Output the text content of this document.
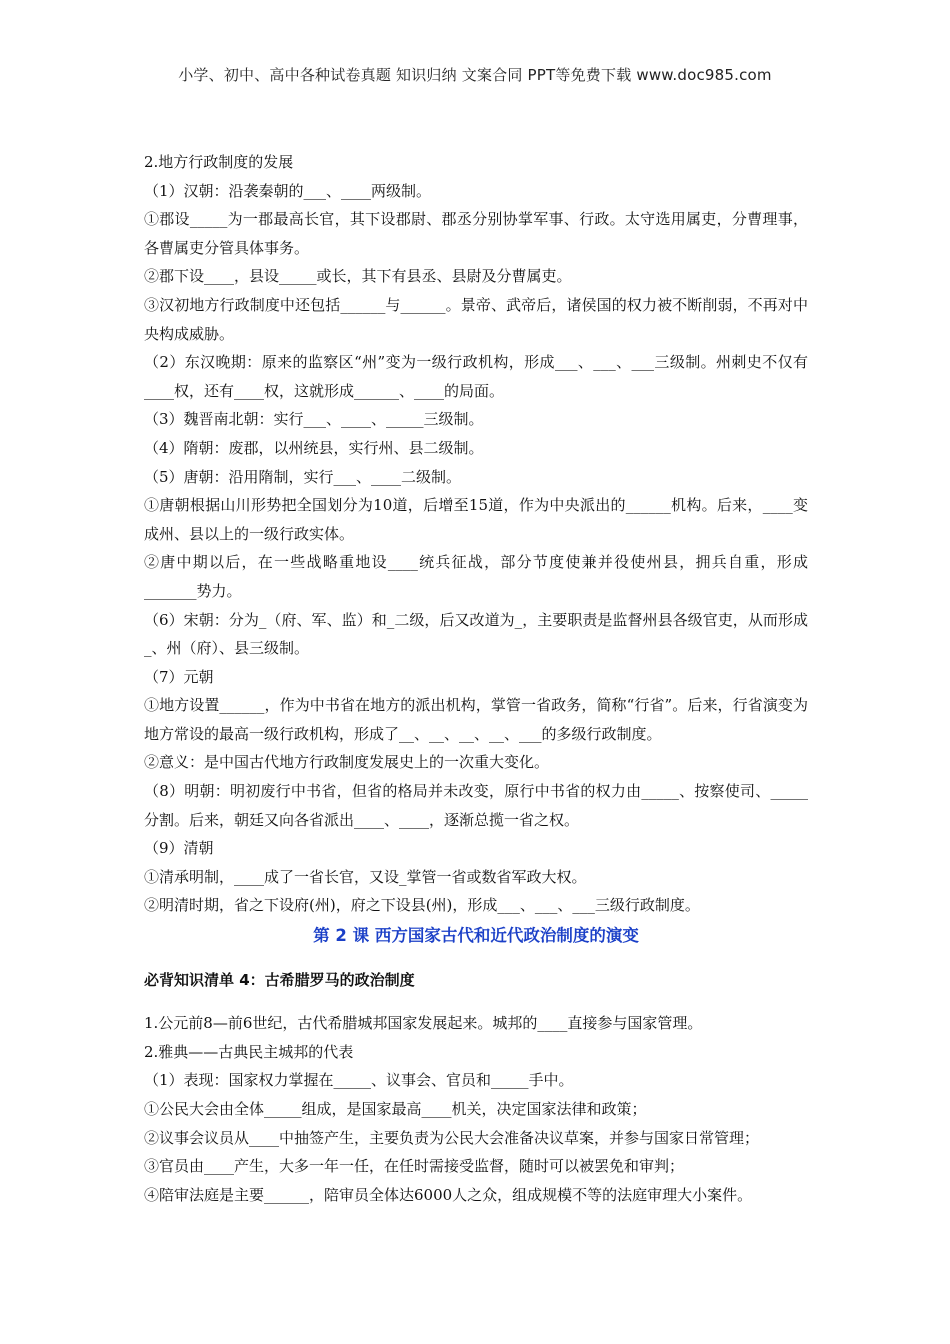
小学、初中、高中各种试卷真题 知识归纳 文案合同 PPT等免费下载 www.doc985.com

2.地方行政制度的发展

（1）汉朝：沿袭秦朝的___、____两级制。

①郡设_____为一郡最高长官，其下设郡尉、郡丞分别协掌军事、行政。太守选用属吏，分曹理事，各曹属吏分管具体事务。

②郡下设____，县设_____或长，其下有县丞、县尉及分曹属吏。

③汉初地方行政制度中还包括______与______。景帝、武帝后，诸侯国的权力被不断削弱，不再对中央构成威胁。

（2）东汉晚期：原来的监察区“州”变为一级行政机构，形成___、___、___三级制。州刺史不仅有____权，还有____权，这就形成______、____的局面。

（3）魏晋南北朝：实行___、____、_____三级制。

（4）隋朝：废郡，以州统县，实行州、县二级制。

（5）唐朝：沿用隋制，实行___、____二级制。

①唐朝根据山川形势把全国划分为10道，后增至15道，作为中央派出的______机构。后来，____变成州、县以上的一级行政实体。

②唐中期以后，在一些战略重地设____统兵征战，部分节度使兼并役使州县，拥兵自重，形成_______势力。

（6）宋朝：分为_（府、军、监）和_二级，后又改道为_，主要职责是监督州县各级官吏，从而形成_、州（府）、县三级制。

（7）元朝

①地方设置______，作为中书省在地方的派出机构，掌管一省政务，简称“行省”。后来，行省演变为地方常设的最高一级行政机构，形成了__、__、__、__、___的多级行政制度。

②意义：是中国古代地方行政制度发展史上的一次重大变化。

（8）明朝：明初废行中书省，但省的格局并未改变，原行中书省的权力由_____、按察使司、_____分割。后来，朝廷又向各省派出____、____，逐渐总揽一省之权。

（9）清朝

①清承明制，____成了一省长官，又设_掌管一省或数省军政大权。

②明清时期，省之下设府(州)，府之下设县(州)，形成___、___、___三级行政制度。

第 2 课 西方国家古代和近代政治制度的演变

必背知识清单 4：古希腊罗马的政治制度

1.公元前8—前6世纪，古代希腊城邦国家发展起来。城邦的____直接参与国家管理。

2.雅典——古典民主城邦的代表

（1）表现：国家权力掌握在_____、议事会、官员和_____手中。

①公民大会由全体_____组成，是国家最高____机关，决定国家法律和政策；

②议事会议员从____中抽签产生，主要负责为公民大会准备决议草案，并参与国家日常管理；

③官员由____产生，大多一年一任，在任时需接受监督，随时可以被罢免和审判；

④陪审法庭是主要______，陪审员全体达6000人之众，组成规模不等的法庭审理大小案件。
